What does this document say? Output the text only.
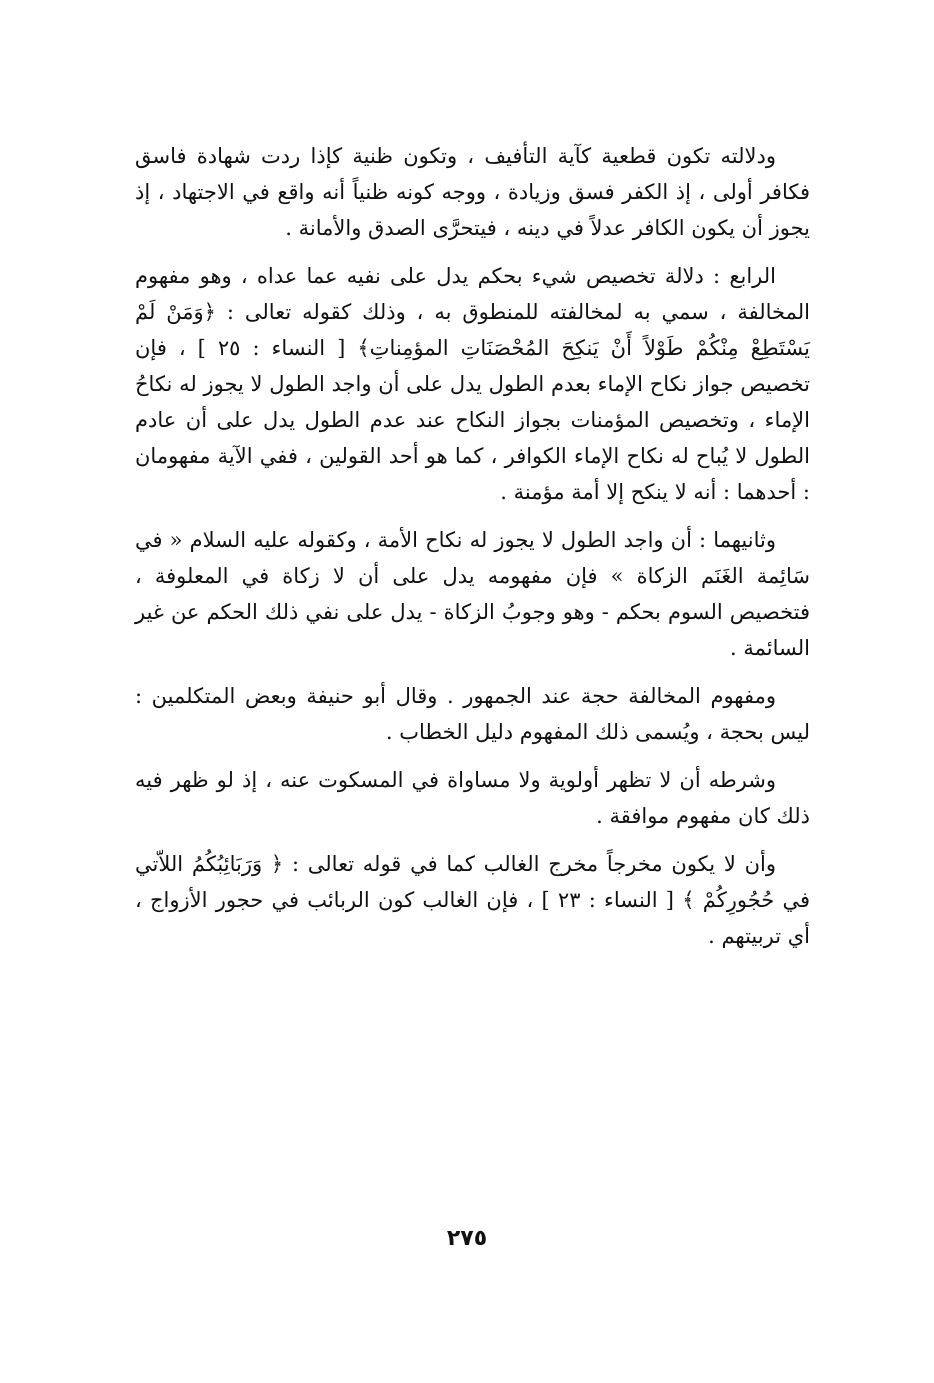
ودلالته تكون قطعية كآية التأفيف ، وتكون ظنية كإذا ردت شهادة فاسق فكافر أولى ، إذ الكفر فسق وزيادة ، ووجه كونه ظنياً أنه واقع في الاجتهاد ، إذ يجوز أن يكون الكافر عدلاً في دينه ، فيتحرَّى الصدق والأمانة .

الرابع : دلالة تخصيص شيء بحكم يدل على نفيه عما عداه ، وهو مفهوم المخالفة ، سمي به لمخالفته للمنطوق به ، وذلك كقوله تعالى : ﴿وَمَنْ لَمْ يَسْتَطِعْ مِنْكُمْ طَوْلاً أَنْ يَنكِحَ المُحْصَنَاتِ المؤمِناتِ﴾ [ النساء : ٢٥ ] ، فإن تخصيص جواز نكاح الإماء بعدم الطول يدل على أن واجد الطول لا يجوز له نكاحُ الإماء ، وتخصيص المؤمنات بجواز النكاح عند عدم الطول يدل على أن عادم الطول لا يُباح له نكاح الإماء الكوافر ، كما هو أحد القولين ، ففي الآية مفهومان : أحدهما : أنه لا ينكح إلا أمة مؤمنة .

وثانيهما : أن واجد الطول لا يجوز له نكاح الأمة ، وكقوله عليه السلام « في سَائِمة الغَنَم الزكاة » فإن مفهومه يدل على أن لا زكاة في المعلوفة ، فتخصيص السوم بحكم - وهو وجوبُ الزكاة - يدل على نفي ذلك الحكم عن غير السائمة .

ومفهوم المخالفة حجة عند الجمهور . وقال أبو حنيفة وبعض المتكلمين : ليس بحجة ، ويُسمى ذلك المفهوم دليل الخطاب .

وشرطه أن لا تظهر أولوية ولا مساواة في المسكوت عنه ، إذ لو ظهر فيه ذلك كان مفهوم موافقة .

وأن لا يكون مخرجاً مخرج الغالب كما في قوله تعالى : ﴿ وَرَبَائِبُكُمُ اللاّتي في حُجُورِكُمْ ﴾ [ النساء : ٢٣ ] ، فإن الغالب كون الربائب في حجور الأزواج ، أي تربيتهم .

٢٧٥
